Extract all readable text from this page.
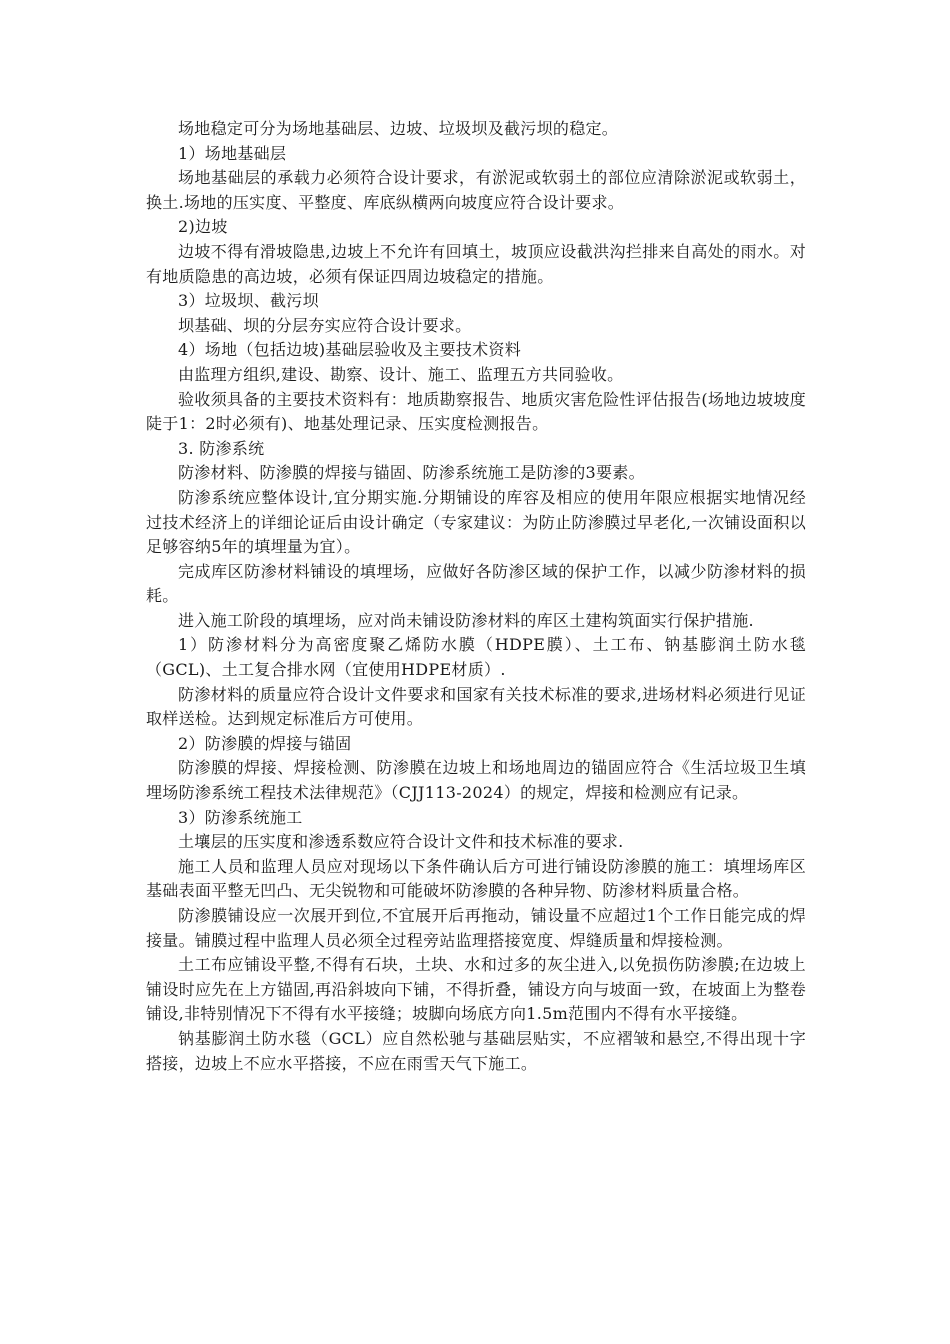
场地稳定可分为场地基础层、边坡、垃圾坝及截污坝的稳定。

1）场地基础层

场地基础层的承载力必须符合设计要求，有淤泥或软弱土的部位应清除淤泥或软弱土，换土.场地的压实度、平整度、库底纵横两向坡度应符合设计要求。

2)边坡

边坡不得有滑坡隐患,边坡上不允许有回填土，坡顶应设截洪沟拦排来自高处的雨水。对有地质隐患的高边坡，必须有保证四周边坡稳定的措施。

3）垃圾坝、截污坝

坝基础、坝的分层夯实应符合设计要求。

4）场地（包括边坡)基础层验收及主要技术资料

由监理方组织,建设、勘察、设计、施工、监理五方共同验收。

验收须具备的主要技术资料有：地质勘察报告、地质灾害危险性评估报告(场地边坡坡度陡于1：2时必须有)、地基处理记录、压实度检测报告。

3. 防渗系统

防渗材料、防渗膜的焊接与锚固、防渗系统施工是防渗的3要素。

防渗系统应整体设计,宜分期实施.分期铺设的库容及相应的使用年限应根据实地情况经过技术经济上的详细论证后由设计确定（专家建议：为防止防渗膜过早老化,一次铺设面积以足够容纳5年的填埋量为宜）。

完成库区防渗材料铺设的填埋场，应做好各防渗区域的保护工作，以减少防渗材料的损耗。

进入施工阶段的填埋场，应对尚未铺设防渗材料的库区土建构筑面实行保护措施.

1）防渗材料分为高密度聚乙烯防水膜（HDPE膜）、土工布、钠基膨润土防水毯（GCL)、土工复合排水网（宜使用HDPE材质）.

防渗材料的质量应符合设计文件要求和国家有关技术标准的要求,进场材料必须进行见证取样送检。达到规定标准后方可使用。

2）防渗膜的焊接与锚固

防渗膜的焊接、焊接检测、防渗膜在边坡上和场地周边的锚固应符合《生活垃圾卫生填埋场防渗系统工程技术法律规范》（CJJ113-2024）的规定，焊接和检测应有记录。

3）防渗系统施工

土壤层的压实度和渗透系数应符合设计文件和技术标准的要求.

施工人员和监理人员应对现场以下条件确认后方可进行铺设防渗膜的施工：填埋场库区基础表面平整无凹凸、无尖锐物和可能破坏防渗膜的各种异物、防渗材料质量合格。

防渗膜铺设应一次展开到位,不宜展开后再拖动，铺设量不应超过1个工作日能完成的焊接量。铺膜过程中监理人员必须全过程旁站监理搭接宽度、焊缝质量和焊接检测。

土工布应铺设平整,不得有石块，土块、水和过多的灰尘进入,以免损伤防渗膜;在边坡上铺设时应先在上方锚固,再沿斜坡向下铺，不得折叠，铺设方向与坡面一致，在坡面上为整卷铺设,非特别情况下不得有水平接缝；坡脚向场底方向1.5m范围内不得有水平接缝。

钠基膨润土防水毯（GCL）应自然松驰与基础层贴实，不应褶皱和悬空,不得出现十字搭接，边坡上不应水平搭接，不应在雨雪天气下施工。
